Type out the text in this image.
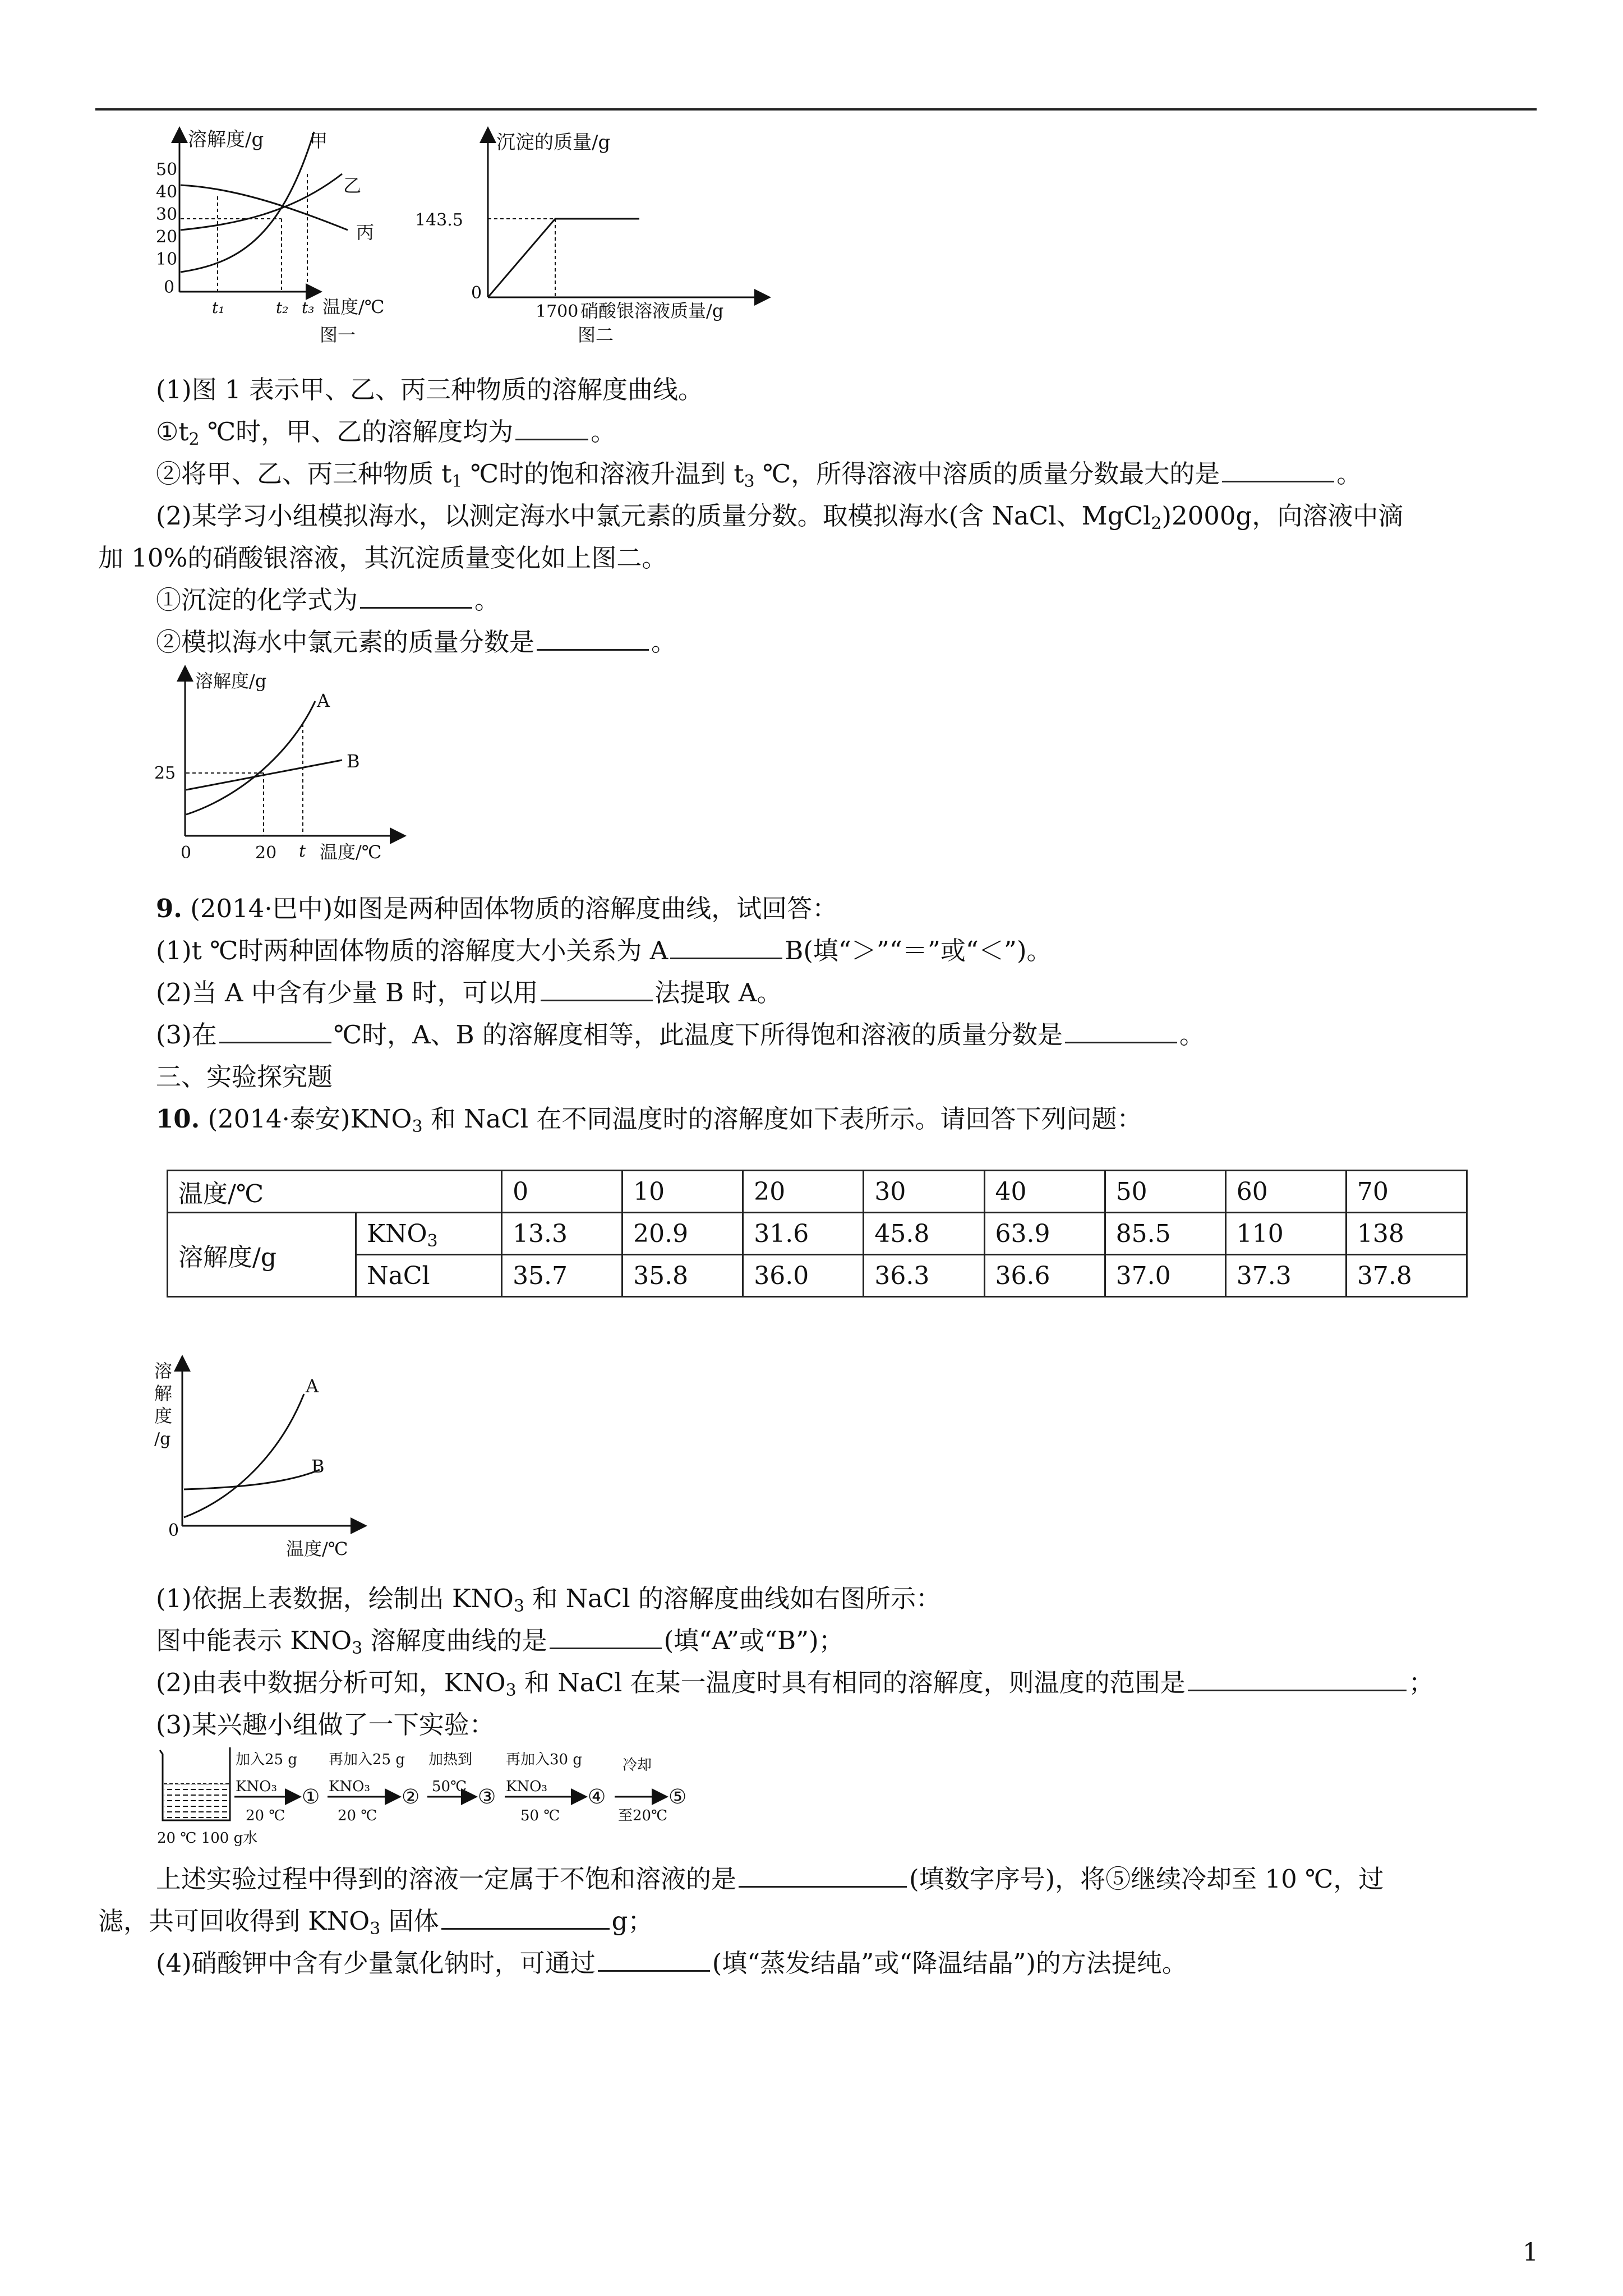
溶解度/g
50
40
30
20
10
0
甲
乙
丙
t₁	t₂ t₃ 温度/℃
图一
沉淀的质量/g
143.5
0
1700 硝酸银溶液质量/g
图二
(1)图 1 表示甲、乙、丙三种物质的溶解度曲线。
$①t_2$ ℃时，甲、乙的溶解度均为	。
②将甲、乙、丙三种物质 $t_1$ ℃时的饱和溶液升温到 $t_3$ ℃，所得溶液中溶质的质量分数最大的是	。
(2)某学习小组模拟海水，以测定海水中氯元素的质量分数。取模拟海水(含 NaCl、MgCl$_2$)2000g，向溶液中滴
加 10%的硝酸银溶液，其沉淀质量变化如上图二。
①沉淀的化学式为	。
②模拟海水中氯元素的质量分数是	。
溶解度/g
25
A
B
0	20 t 温度/℃
9. (2014·巴中)如图是两种固体物质的溶解度曲线，试回答：
(1)t ℃时两种固体物质的溶解度大小关系为 A	B(填“＞”“＝”或“＜”)。
(2)当 A 中含有少量 B 时，可以用	法提取 A。
(3)在	℃时，A、B 的溶解度相等，此温度下所得饱和溶液的质量分数是	。
三、实验探究题
10. (2014·泰安)$KNO_3$ 和 NaCl 在不同温度时的溶解度如下表所示。请回答下列问题：
温度/℃		0	10	20	30	40	50	60	70
溶解度/g	$KNO_3$	13.3	20.9	31.6	45.8	63.9	85.5	110	138
	NaCl	35.7	35.8	36.0	36.3	36.6	37.0	37.3	37.8
溶
解
度
/g
A
B
0
温度/℃
(1)依据上表数据，绘制出 $KNO_3$ 和 NaCl 的溶解度曲线如右图所示：
图中能表示 $KNO_3$ 溶解度曲线的是	(填“A”或“B”)；
(2)由表中数据分析可知，$KNO_3$ 和 NaCl 在某一温度时具有相同的溶解度，则温度的范围是	；
(3)某兴趣小组做了一下实验：
20 ℃ 100 g水
加入25 g
KNO₃
20 ℃
①
再加入25 g
KNO₃
20 ℃
②
加热到
50℃ ③
再加入30 g
KNO₃
50 ℃
④
冷却
至20℃
⑤
上述实验过程中得到的溶液一定属于不饱和溶液的是	(填数字序号)，将⑤继续冷却至 10 ℃，过
滤，共可回收得到 $KNO_3$ 固体	g；
(4)硝酸钾中含有少量氯化钠时，可通过	(填“蒸发结晶”或“降温结晶”)的方法提纯。
1
